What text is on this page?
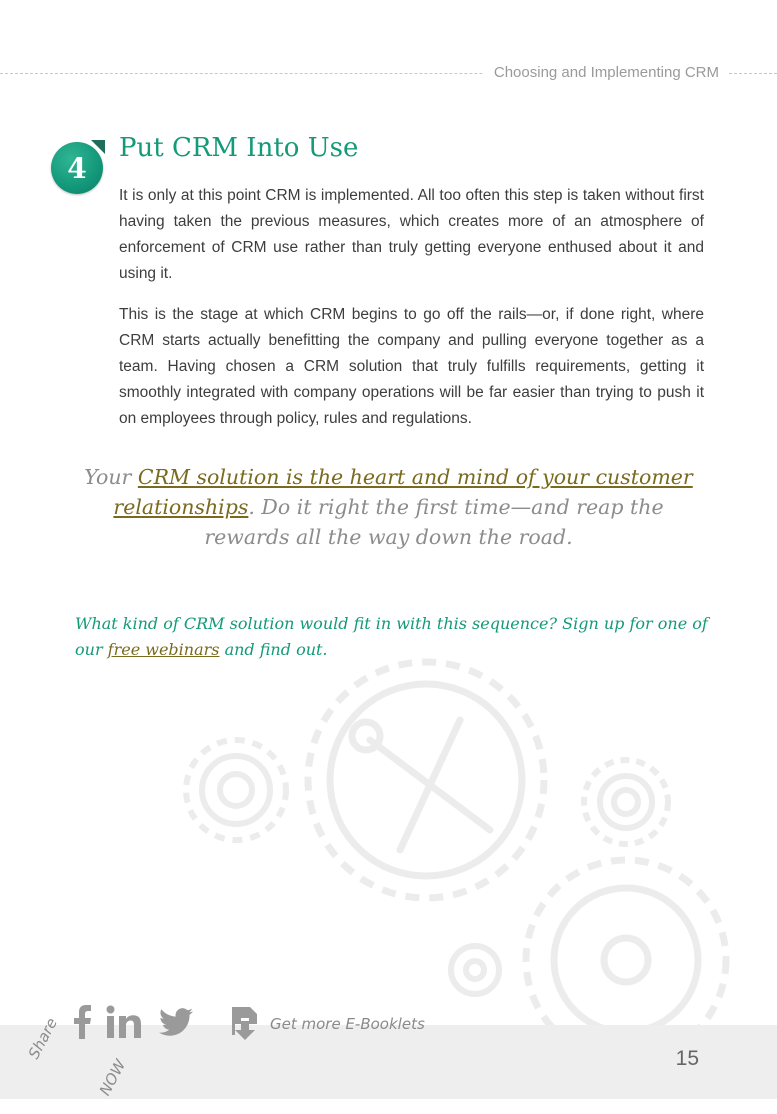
Choosing and Implementing CRM
4
Put CRM Into Use

It is only at this point CRM is implemented. All too often this step is taken without first having taken the previous measures, which creates more of an atmosphere of enforcement of CRM use rather than truly getting everyone enthused about it and using it.

This is the stage at which CRM begins to go off the rails—or, if done right, where CRM starts actually benefitting the company and pulling everyone together as a team. Having chosen a CRM solution that truly fulfills requirements, getting it smoothly integrated with company operations will be far easier than trying to push it on employees through policy, rules and regulations.

Your CRM solution is the heart and mind of your customer relationships. Do it right the first time—and reap the rewards all the way down the road.

What kind of CRM solution would fit in with this sequence? Sign up for one of our free webinars and find out.

Share NOW
Get more E-Booklets
15
